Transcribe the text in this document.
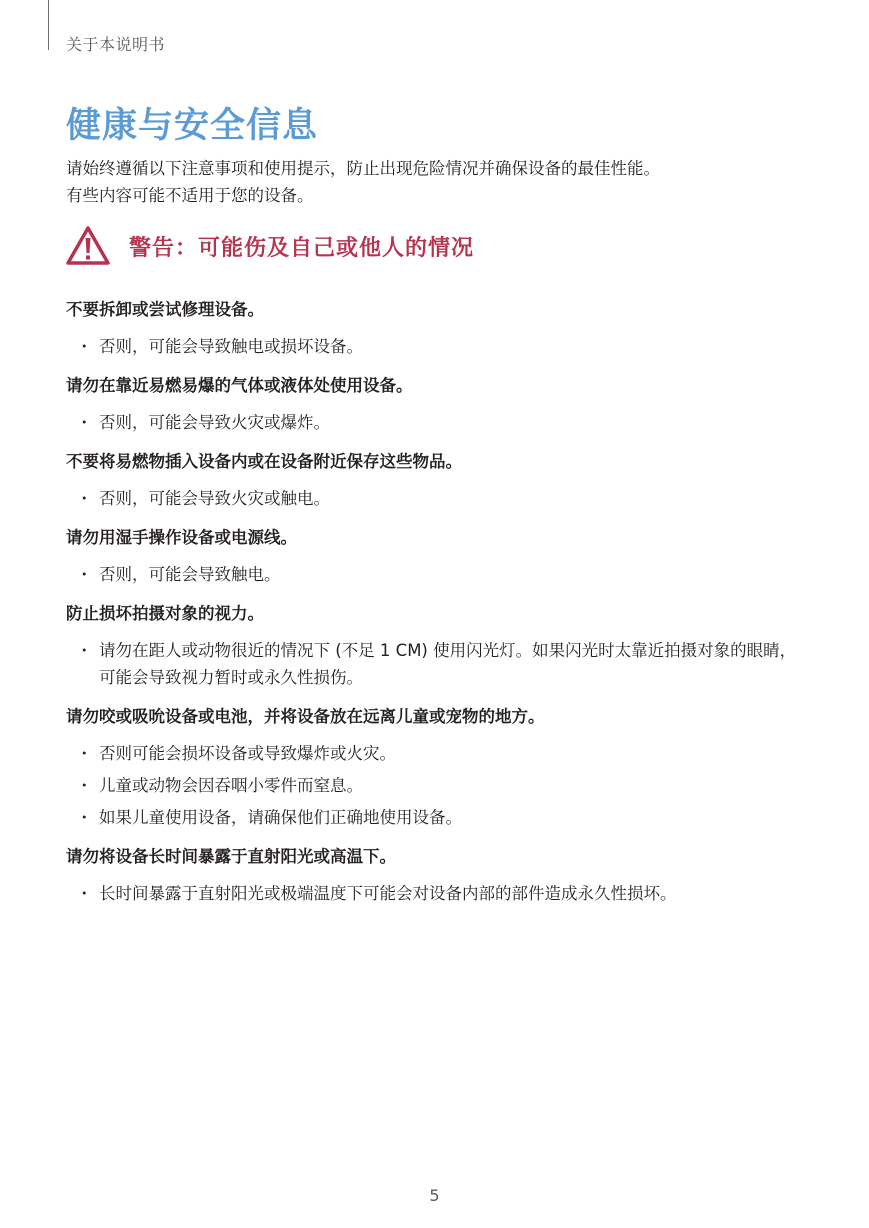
关于本说明书
健康与安全信息

请始终遵循以下注意事项和使用提示，防止出现危险情况并确保设备的最佳性能。

有些内容可能不适用于您的设备。

警告：可能伤及自己或他人的情况
不要拆卸或尝试修理设备。
・ 否则，可能会导致触电或损坏设备。
请勿在靠近易燃易爆的气体或液体处使用设备。
・ 否则，可能会导致火灾或爆炸。
不要将易燃物插入设备内或在设备附近保存这些物品。
・ 否则，可能会导致火灾或触电。
请勿用湿手操作设备或电源线。
・ 否则，可能会导致触电。
防止损坏拍摄对象的视力。
・ 请勿在距人或动物很近的情况下 (不足 1 CM) 使用闪光灯。如果闪光时太靠近拍摄对象的眼睛，可能会导致视力暂时或永久性损伤。
请勿咬或吸吮设备或电池，并将设备放在远离儿童或宠物的地方。
・ 否则可能会损坏设备或导致爆炸或火灾。
・ 儿童或动物会因吞咽小零件而窒息。
・ 如果儿童使用设备，请确保他们正确地使用设备。
请勿将设备长时间暴露于直射阳光或高温下。
・ 长时间暴露于直射阳光或极端温度下可能会对设备内部的部件造成永久性损坏。
5
